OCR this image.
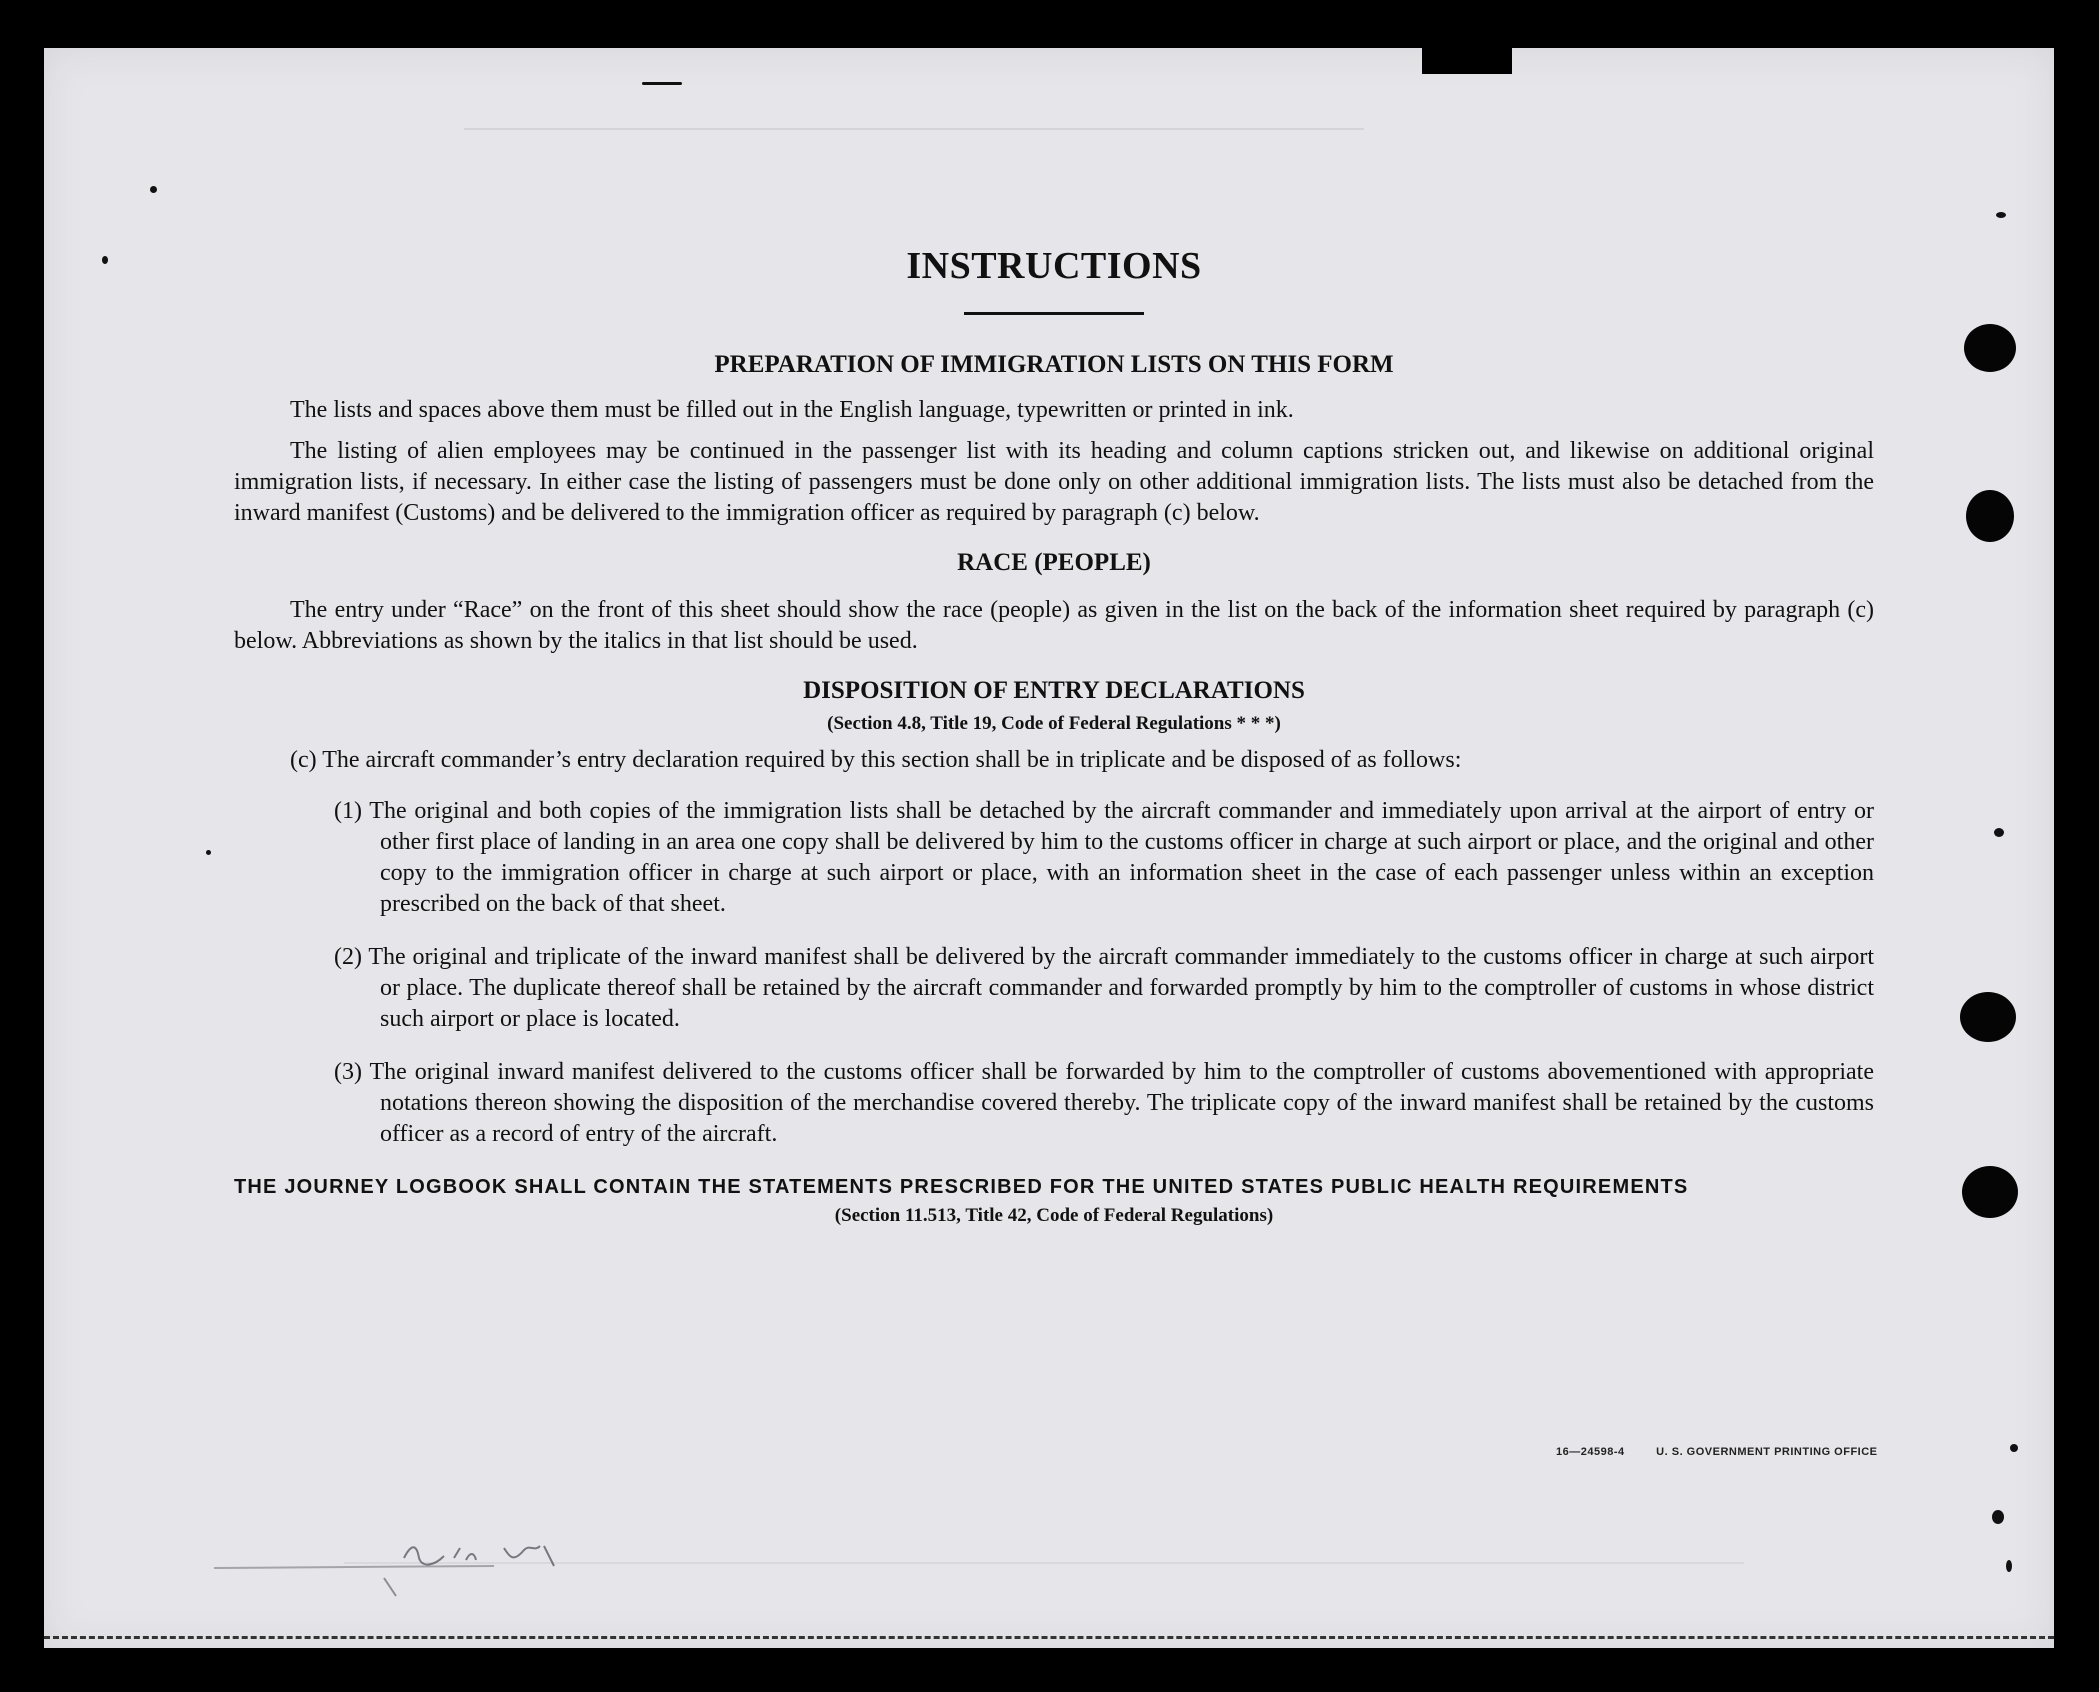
INSTRUCTIONS
PREPARATION OF IMMIGRATION LISTS ON THIS FORM

The lists and spaces above them must be filled out in the English language, typewritten or printed in ink.

The listing of alien employees may be continued in the passenger list with its heading and column captions stricken out, and likewise on additional original immigration lists, if necessary. In either case the listing of passengers must be done only on other additional immigration lists. The lists must also be detached from the inward manifest (Customs) and be delivered to the immigration officer as required by paragraph (c) below.

RACE (PEOPLE)

The entry under “Race” on the front of this sheet should show the race (people) as given in the list on the back of the information sheet required by paragraph (c) below. Abbreviations as shown by the italics in that list should be used.

DISPOSITION OF ENTRY DECLARATIONS
(Section 4.8, Title 19, Code of Federal Regulations * * *)

(c) The aircraft commander’s entry declaration required by this section shall be in triplicate and be disposed of as follows:

(1) The original and both copies of the immigration lists shall be detached by the aircraft commander and immediately upon arrival at the airport of entry or other first place of landing in an area one copy shall be delivered by him to the customs officer in charge at such airport or place, and the original and other copy to the immigration officer in charge at such airport or place, with an information sheet in the case of each passenger unless within an exception prescribed on the back of that sheet.

(2) The original and triplicate of the inward manifest shall be delivered by the aircraft commander immediately to the customs officer in charge at such airport or place. The duplicate thereof shall be retained by the aircraft commander and forwarded promptly by him to the comptroller of customs in whose district such airport or place is located.

(3) The original inward manifest delivered to the customs officer shall be forwarded by him to the comptroller of customs abovementioned with appropriate notations thereon showing the disposition of the merchandise covered thereby. The triplicate copy of the inward manifest shall be retained by the customs officer as a record of entry of the aircraft.

THE JOURNEY LOGBOOK SHALL CONTAIN THE STATEMENTS PRESCRIBED FOR THE UNITED STATES PUBLIC HEALTH REQUIREMENTS
(Section 11.513, Title 42, Code of Federal Regulations)
16—24598-4	U. S. GOVERNMENT PRINTING OFFICE
